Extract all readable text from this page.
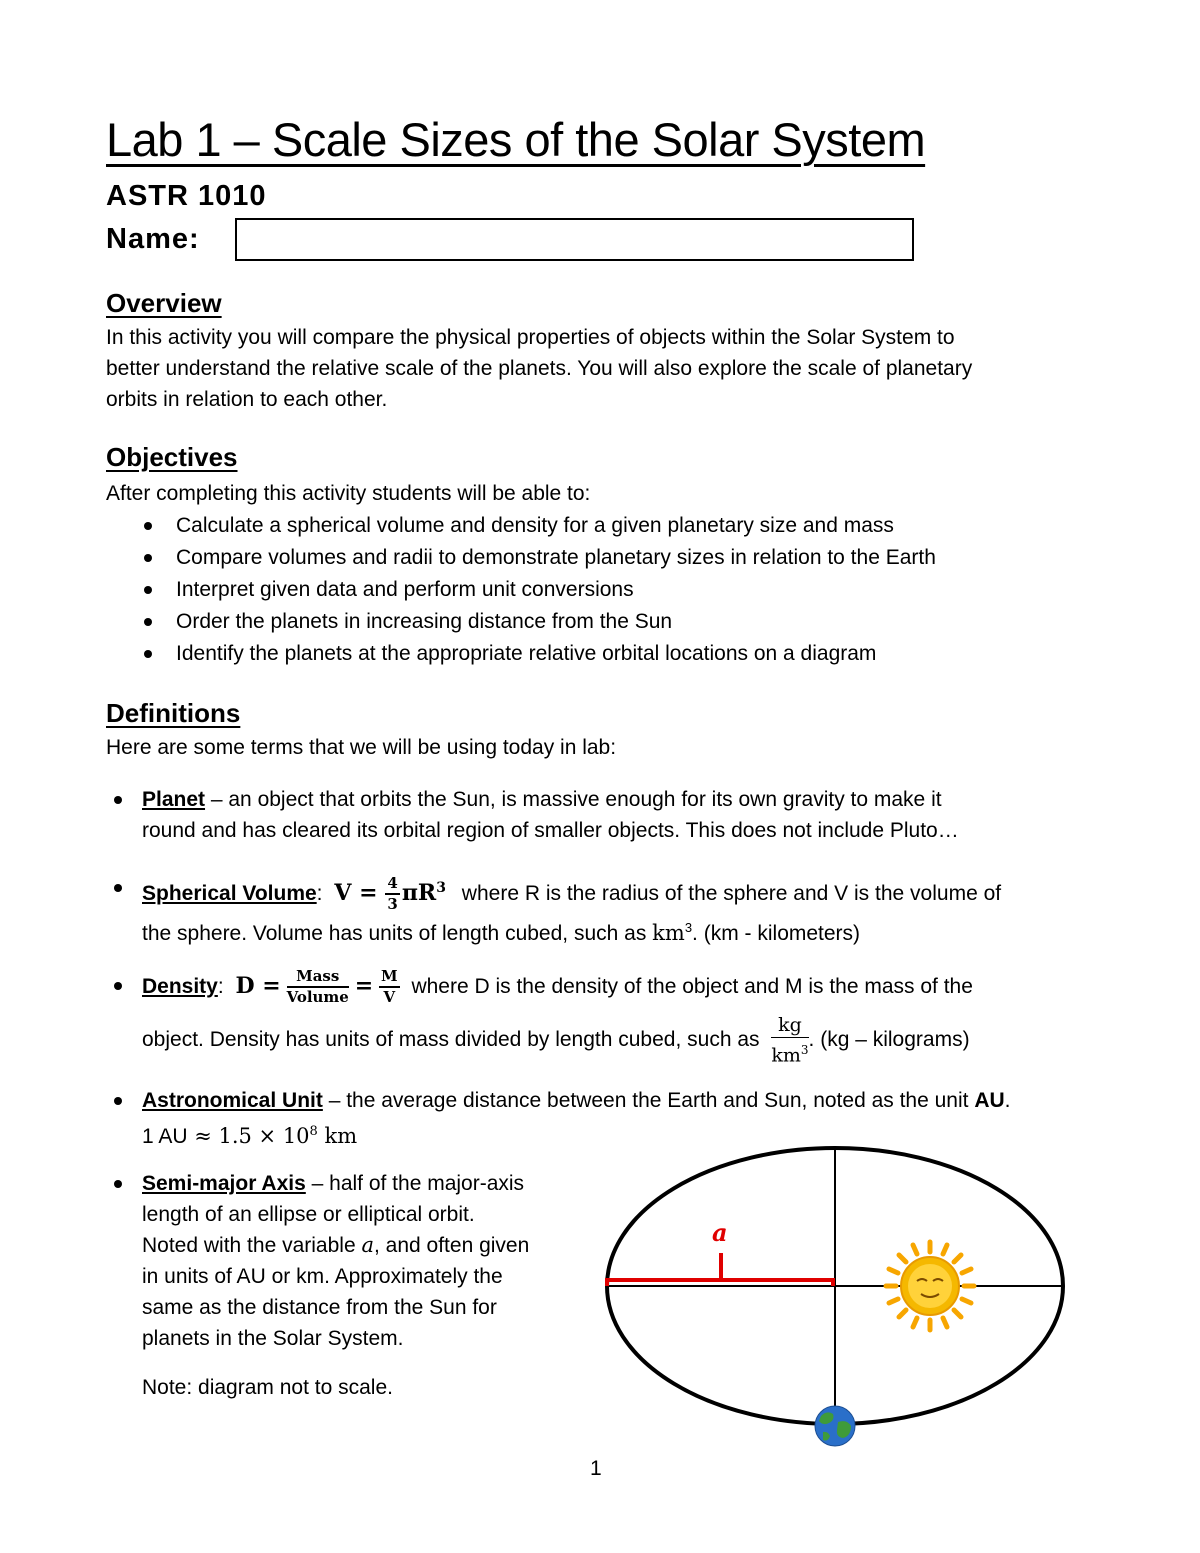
Lab 1 – Scale Sizes of the Solar System
ASTR 1010
Name:
Overview
In this activity you will compare the physical properties of objects within the Solar System to
better understand the relative scale of the planets. You will also explore the scale of planetary
orbits in relation to each other.
Objectives
After completing this activity students will be able to:
Calculate a spherical volume and density for a given planetary size and mass
Compare volumes and radii to demonstrate planetary sizes in relation to the Earth
Interpret given data and perform unit conversions
Order the planets in increasing distance from the Sun
Identify the planets at the appropriate relative orbital locations on a diagram
Definitions
Here are some terms that we will be using today in lab:
Planet – an object that orbits the Sun, is massive enough for its own gravity to make it
round and has cleared its orbital region of smaller objects. This does not include Pluto…
Spherical Volume: $V = \frac{4}{3} \pi R^3$ where R is the radius of the sphere and V is the volume of
the sphere. Volume has units of length cubed, such as $km^3$. (km - kilometers)
Density: $D = \frac{\text{Mass}}{\text{Volume}} = \frac{M}{V}$ where D is the density of the object and M is the mass of the
object. Density has units of mass divided by length cubed, such as $\frac{kg}{km^3}$ . (kg – kilograms)
Astronomical Unit – the average distance between the Earth and Sun, noted as the unit AU.
1 AU ≈ $1.5 \times 10^8$ km
Semi-major Axis – half of the major-axis
length of an ellipse or elliptical orbit.
Noted with the variable a, and often given
in units of AU or km. Approximately the
same as the distance from the Sun for
planets in the Solar System.
Note: diagram not to scale.
a
1
